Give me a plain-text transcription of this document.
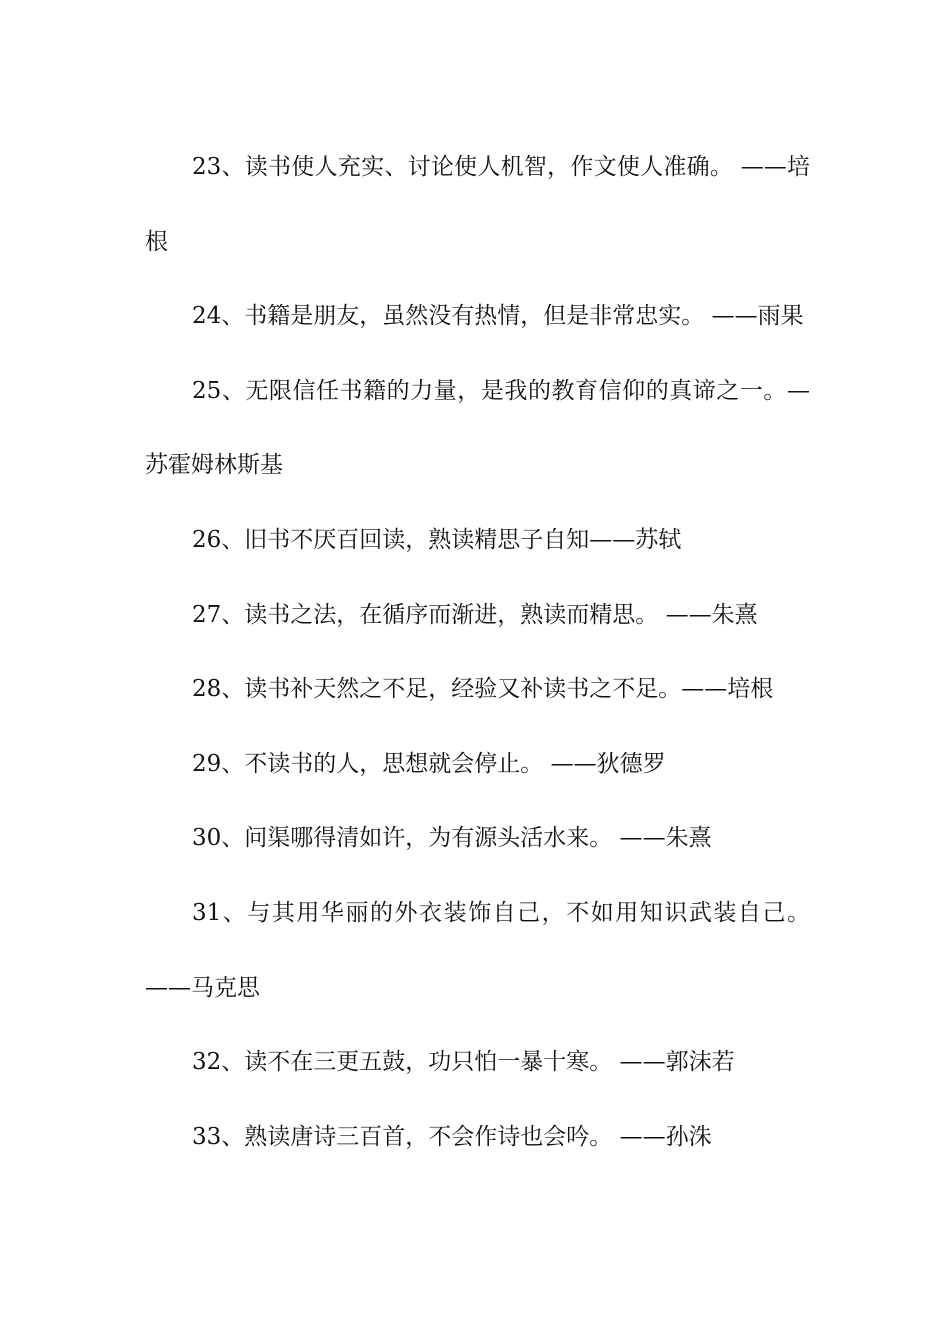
23、读书使人充实、讨论使人机智，作文使人准确。 ——培根
24、书籍是朋友，虽然没有热情，但是非常忠实。 ——雨果
25、无限信任书籍的力量，是我的教育信仰的真谛之一。—苏霍姆林斯基
26、旧书不厌百回读，熟读精思子自知——苏轼
27、读书之法，在循序而渐进，熟读而精思。 ——朱熹
28、读书补天然之不足，经验又补读书之不足。——培根
29、不读书的人，思想就会停止。 ——狄德罗
30、问渠哪得清如许，为有源头活水来。 ——朱熹
31、与其用华丽的外衣装饰自己，不如用知识武装自己。——马克思
32、读不在三更五鼓，功只怕一暴十寒。 ——郭沫若
33、熟读唐诗三百首，不会作诗也会吟。 ——孙洙
